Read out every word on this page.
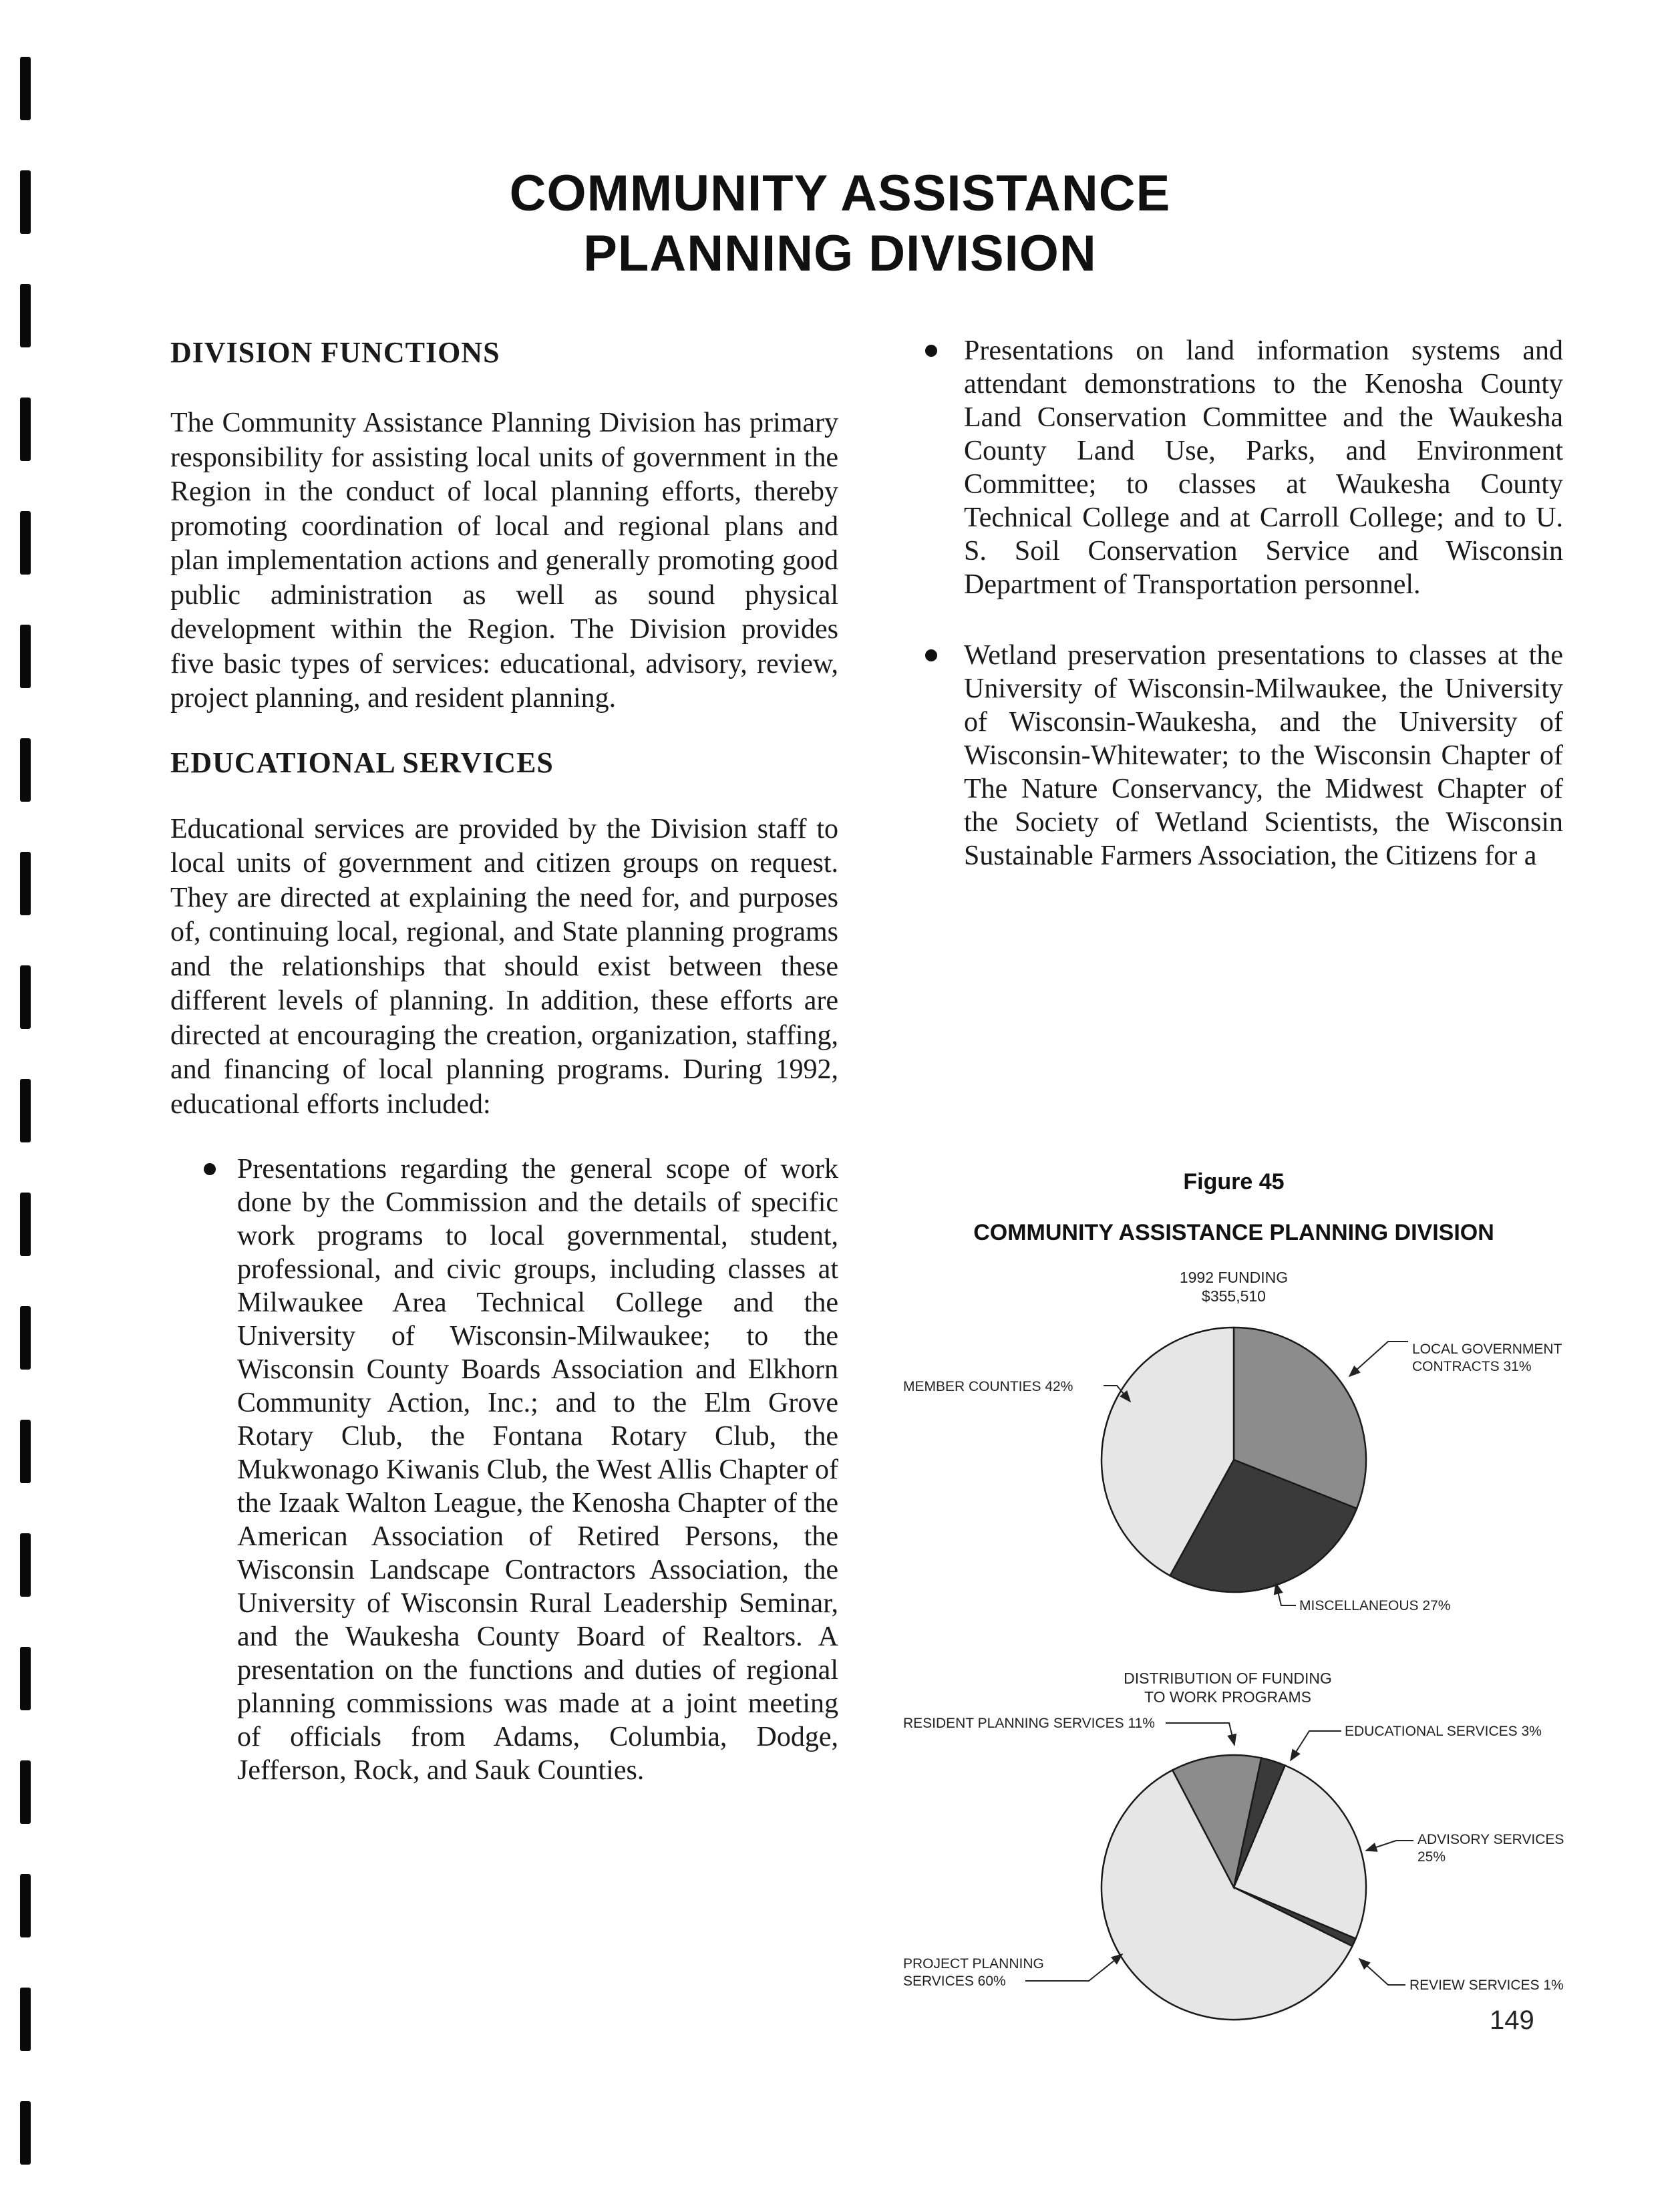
COMMUNITY ASSISTANCE
PLANNING DIVISION
DIVISION FUNCTIONS

The Community Assistance Planning Division has primary responsibility for assisting local units of government in the Region in the conduct of local planning efforts, thereby promoting coordination of local and regional plans and plan implementation actions and generally promoting good public administration as well as sound physical development within the Region. The Division provides five basic types of services: educational, advisory, review, project planning, and resident planning.

EDUCATIONAL SERVICES

Educational services are provided by the Division staff to local units of government and citizen groups on request. They are directed at explaining the need for, and purposes of, continuing local, regional, and State planning programs and the relationships that should exist between these different levels of planning. In addition, these efforts are directed at encouraging the creation, organization, staffing, and financing of local planning programs. During 1992, educational efforts included:

Presentations regarding the general scope of work done by the Commission and the details of specific work programs to local governmental, student, professional, and civic groups, including classes at Milwaukee Area Technical College and the University of Wisconsin-Milwaukee; to the Wisconsin County Boards Association and Elkhorn Community Action, Inc.; and to the Elm Grove Rotary Club, the Fontana Rotary Club, the Mukwonago Kiwanis Club, the West Allis Chapter of the Izaak Walton League, the Kenosha Chapter of the American Association of Retired Persons, the Wisconsin Landscape Contractors Association, the University of Wisconsin Rural Leadership Seminar, and the Waukesha County Board of Realtors. A presentation on the functions and duties of regional planning commissions was made at a joint meeting of officials from Adams, Columbia, Dodge, Jefferson, Rock, and Sauk Counties.
Presentations on land information systems and attendant demonstrations to the Kenosha County Land Conservation Committee and the Waukesha County Land Use, Parks, and Environment Committee; to classes at Waukesha County Technical College and at Carroll College; and to U. S. Soil Conservation Service and Wisconsin Department of Transportation personnel.
Wetland preservation presentations to classes at the University of Wisconsin-Milwaukee, the University of Wisconsin-Waukesha, and the University of Wisconsin-Whitewater; to the Wisconsin Chapter of The Nature Conservancy, the Midwest Chapter of the Society of Wetland Scientists, the Wisconsin Sustainable Farmers Association, the Citizens for a
Figure 45
COMMUNITY ASSISTANCE PLANNING DIVISION
1992 FUNDING
$355,510
LOCAL GOVERNMENT
CONTRACTS 31%
MEMBER COUNTIES 42%
MISCELLANEOUS 27%
DISTRIBUTION OF FUNDING
TO WORK PROGRAMS
RESIDENT PLANNING SERVICES 11%
EDUCATIONAL SERVICES 3%
ADVISORY SERVICES
25%
REVIEW SERVICES 1%
PROJECT PLANNING
SERVICES 60%
149
